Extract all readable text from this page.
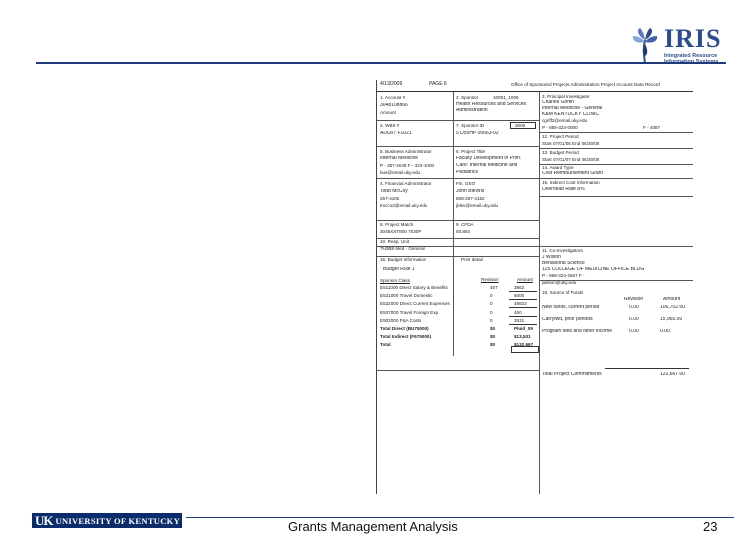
IRIS
Integrated Resource
4/13/2009	PAGE 6	Office of Sponsored Projects Administration Project Account Data Record
1. Account #
3048108866
Amount
2. Sponsor
Health Resources and Services
Administration
10001_1009
2. WBS #
ADU07 F1021
7. Sponsor ID	3000
5 D55HP 05663-02
5. Business Administrator
Internal Medicine
P - 257-4049 F - 323-1000
bus@email.uky.edu
6. Project Title
Faculty Development in Prim.
Care: Internal Medicine and
Pediatrics
4. Financial Administrator
Todd McCoy
257-4105
tmcco2@email.uky.edu
Fin. OSO
John Blevins
859-257-4152
jblev@email.uky.edu
8. Project Match
3048XXT800 7030P
9. CFDA
93.884
10. Resp. Unit
7H3B8 Med - General
16. Budget Information	Print detail
Budget Rule 1
Sponsor Class	Revision	Amount
E511000 Direct Salary & Benefits	467	3862
E531000 Travel Domestic	0	5000
E532000 Direct Current Expenses	0	48822
E537000 Travel Foreign Exp	0	450
E902000 F&A Costs	0	3531
Total Direct (BU75000)	$0	Pluid_09
Total Indirect (F675000)	$0	$13,531
Total	$0	$132,667
3. Principal Investigator
Charles Griffin
Internal Medicine - General
K&M KENTUCKY CLINIC
cgriff2@email.uky.edu
P - 859-323-0000	F - 4087
12. Project Period
Start 07/01/05 End 06/30/09
13. Budget Period
Start 07/01/07 End 06/30/09
14. Award Type
Cost Reimbursement Grant
15. Indirect Cost Information
Overhead Rate 8%
11. Co-Investigators
J Wilson
Behavioral Science
125 COLLEGE OF MEDICINE OFFICE BLDG
P - 859-323-2567 F -
jwilson@uky.edu
18. Source of Funds
Revision	Amount
New funds, current period	0.00	106,702.00
Carryfwd, prior periods	0.00	15,965.00
Program fees and other income	0.00	0.00
Total Project Commitments	122,667.00
UK UNIVERSITY OF KENTUCKY	Grants Management Analysis	23
